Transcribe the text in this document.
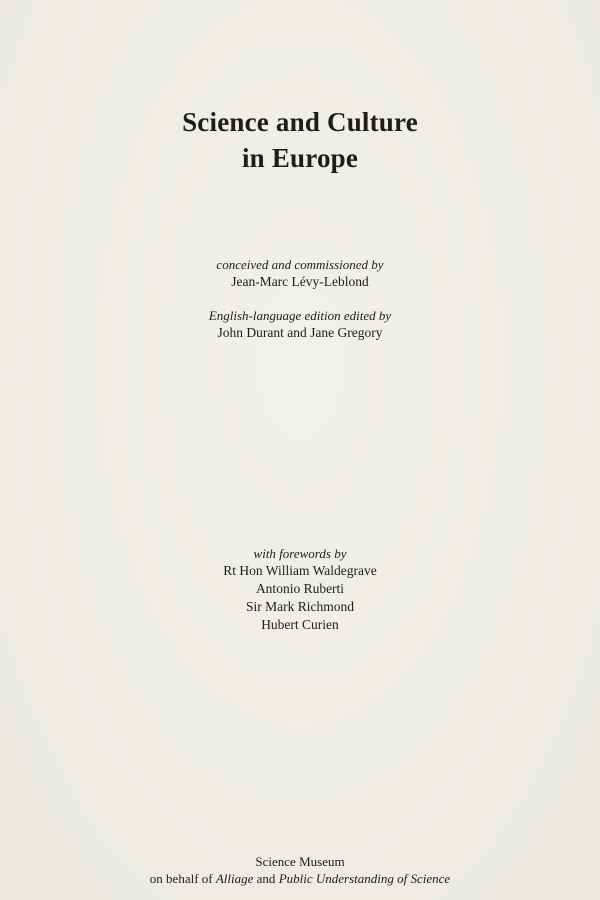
Science and Culture
in Europe
conceived and commissioned by
Jean-Marc Lévy-Leblond
English-language edition edited by
John Durant and Jane Gregory
with forewords by
Rt Hon William Waldegrave
Antonio Ruberti
Sir Mark Richmond
Hubert Curien
Science Museum
on behalf of Alliage and Public Understanding of Science
